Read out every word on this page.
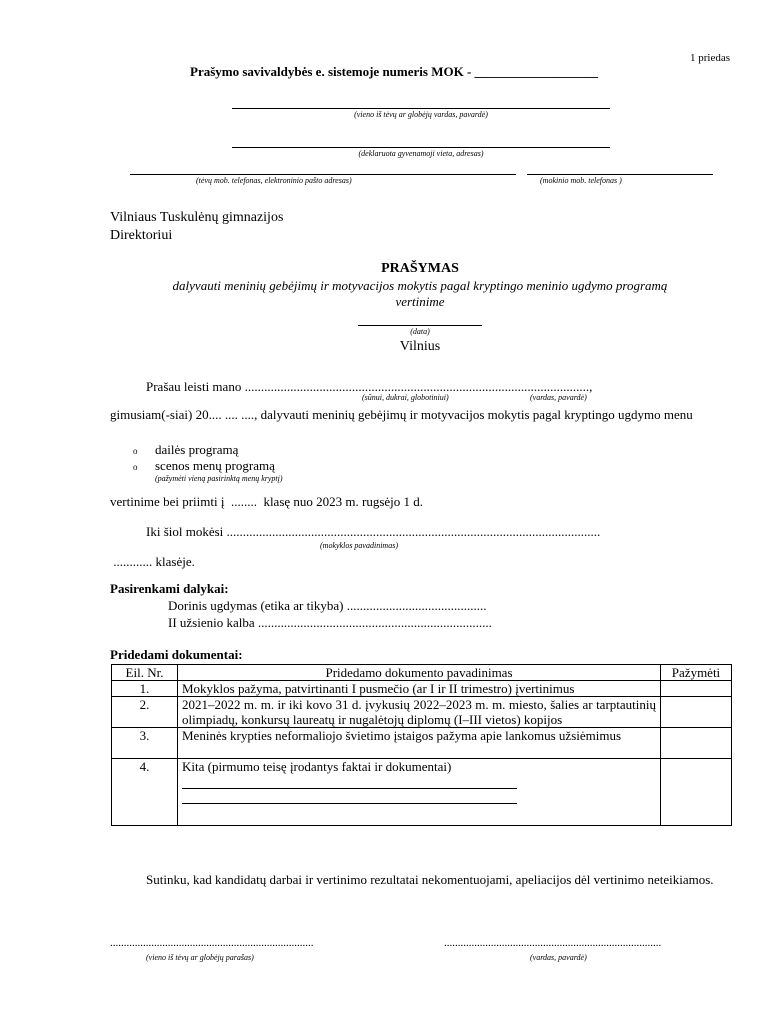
1 priedas
Prašymo savivaldybės e. sistemoje numeris MOK - ___________________
(vieno iš tėvų ar globėjų vardas, pavardė)
(deklaruota gyvenamoji vieta, adresas)
(tėvų mob. telefonas, elektroninio pašto adresas)	(mokinio mob. telefonas )
Vilniaus Tuskulėnų gimnazijos
Direktoriui
PRAŠYMAS
dalyvauti meninių gebėjimų ir motyvacijos mokytis pagal kryptingo meninio ugdymo programą
vertinime
(data)
Vilnius
Prašau leisti mano ..........................................................................................................,
(sūnui, dukrai, globotiniui)	(vardas, pavardė)
gimusiam(-siai) 20.... .... ...., dalyvauti meninių gebėjimų ir motyvacijos mokytis pagal kryptingo ugdymo menu
o dailės programą
o scenos menų programą
(pažymėti vieną pasirinktą menų kryptį)
vertinime bei priimti į  ........  klasę nuo 2023 m. rugsėjo 1 d.
Iki šiol mokėsi ...................................................................................................................
(mokyklos pavadinimas)
............ klasėje.
Pasirenkami dalykai:
Dorinis ugdymas (etika ar tikyba) ...........................................
II užsienio kalba ........................................................................
Pridedami dokumentai:
Eil. Nr.	Pridedamo dokumento pavadinimas	Pažymėti
1.	Mokyklos pažyma, patvirtinanti I pusmečio (ar I ir II trimestro) įvertinimus	
2.	2021–2022 m. m. ir iki kovo 31 d. įvykusių 2022–2023 m. m. miesto, šalies ar tarptautinių olimpiadų, konkursų laureatų ir nugalėtojų diplomų (I–III vietos) kopijos	
3.	Meninės krypties neformaliojo švietimo įstaigos pažyma apie lankomus užsiėmimus	
4.	Kita (pirmumo teisę įrodantys faktai ir dokumentai)

Sutinku, kad kandidatų darbai ir vertinimo rezultatai nekomentuojami, apeliacijos dėl vertinimo neteikiamos.
..........................................................................
(vieno iš tėvų ar globėjų parašas)
...............................................................................
(vardas, pavardė)
